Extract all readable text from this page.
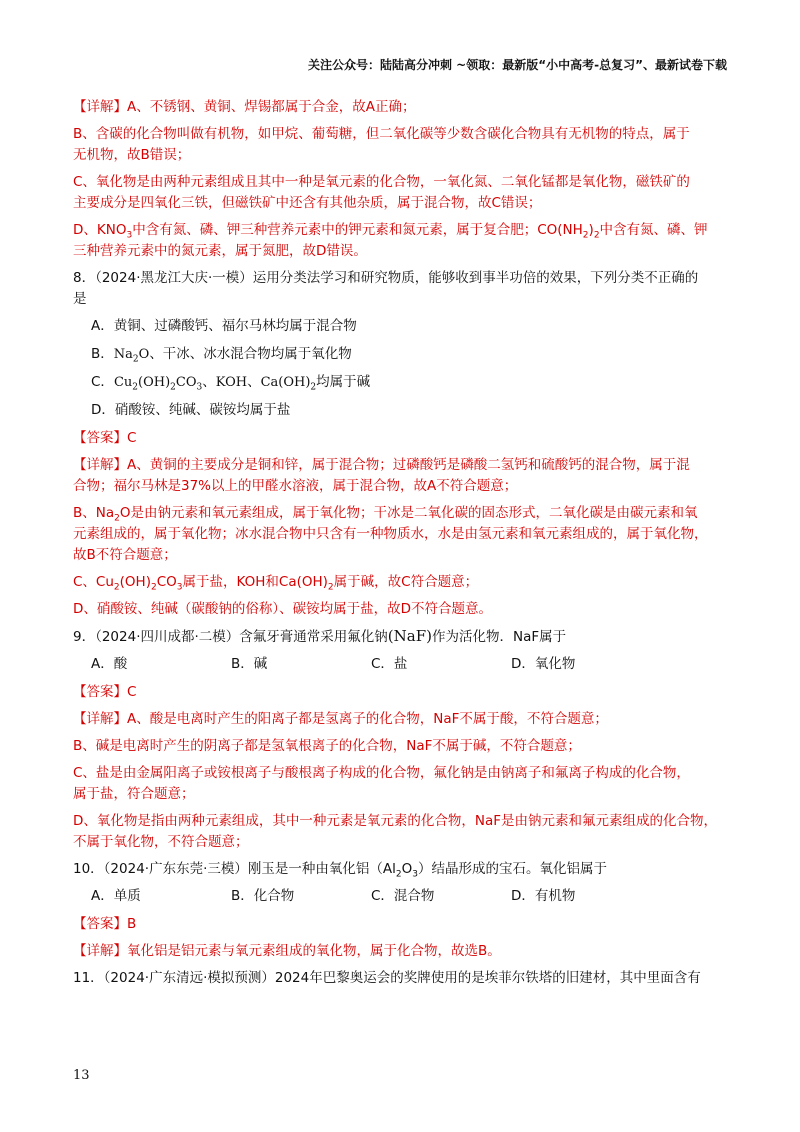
关注公众号：陆陆高分冲刺 ~领取：最新版“小中高考-总复习”、最新试卷下载

【详解】A、不锈钢、黄铜、焊锡都属于合金，故A正确；

B、含碳的化合物叫做有机物，如甲烷、葡萄糖，但二氧化碳等少数含碳化合物具有无机物的特点，属于
无机物，故B错误；

C、氧化物是由两种元素组成且其中一种是氧元素的化合物，一氧化氮、二氧化锰都是氧化物，磁铁矿的
主要成分是四氧化三铁，但磁铁矿中还含有其他杂质，属于混合物，故C错误；

D、$KNO_3$中含有氮、磷、钾三种营养元素中的钾元素和氮元素，属于复合肥；$CO(NH_2)_2$中含有氮、磷、钾
三种营养元素中的氮元素，属于氮肥，故D错误。

8．（2024·黑龙江大庆·一模）运用分类法学习和研究物质，能够收到事半功倍的效果，下列分类不正确的
是

A．黄铜、过磷酸钙、福尔马林均属于混合物

B．$Na_2O$、干冰、冰水混合物均属于氧化物

C．$Cu_2(OH)_2CO_3$、KOH、$Ca(OH)_2$均属于碱

D．硝酸铵、纯碱、碳铵均属于盐

【答案】C

【详解】A、黄铜的主要成分是铜和锌，属于混合物；过磷酸钙是磷酸二氢钙和硫酸钙的混合物，属于混
合物；福尔马林是37%以上的甲醛水溶液，属于混合物，故A不符合题意；

B、$Na_2O$是由钠元素和氧元素组成，属于氧化物；干冰是二氧化碳的固态形式，二氧化碳是由碳元素和氧
元素组成的，属于氧化物；冰水混合物中只含有一种物质水，水是由氢元素和氧元素组成的，属于氧化物，
故B不符合题意；

C、$Cu_2(OH)_2CO_3$属于盐，KOH和$Ca(OH)_2$属于碱，故C符合题意；

D、硝酸铵、纯碱（碳酸钠的俗称）、碳铵均属于盐，故D不符合题意。

9．（2024·四川成都·二模）含氟牙膏通常采用氟化钠(NaF)作为活化物．NaF属于

A．酸	B．碱	C．盐	D．氧化物

【答案】C

【详解】A、酸是电离时产生的阳离子都是氢离子的化合物，NaF不属于酸，不符合题意；

B、碱是电离时产生的阴离子都是氢氧根离子的化合物，NaF不属于碱，不符合题意；

C、盐是由金属阳离子或铵根离子与酸根离子构成的化合物，氟化钠是由钠离子和氟离子构成的化合物，
属于盐，符合题意；

D、氧化物是指由两种元素组成，其中一种元素是氧元素的化合物，NaF是由钠元素和氟元素组成的化合物，
不属于氧化物，不符合题意；

10．（2024·广东东莞·三模）刚玉是一种由氧化铝$(Al_2O_3)$结晶形成的宝石。氧化铝属于

A．单质	B．化合物	C．混合物	D．有机物

【答案】B

【详解】氧化铝是铝元素与氧元素组成的氧化物，属于化合物，故选B。

11．（2024·广东清远·模拟预测）2024年巴黎奥运会的奖牌使用的是埃菲尔铁塔的旧建材，其中里面含有

13
